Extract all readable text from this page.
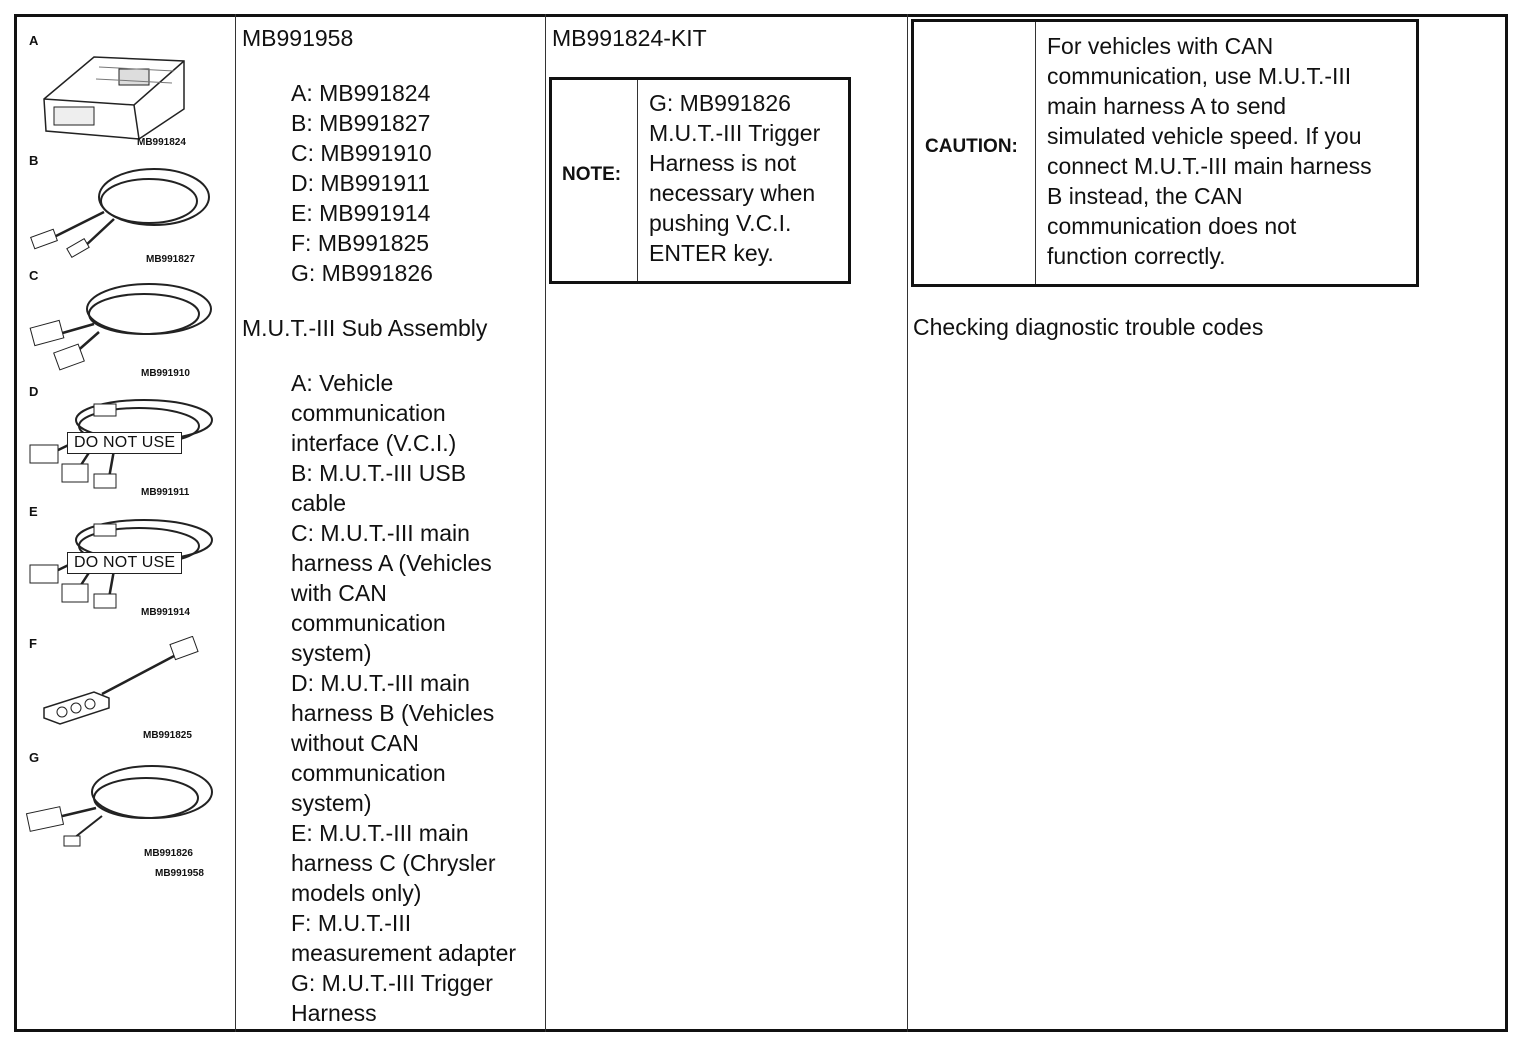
A
MB991824
B
MB991827
C
MB991910
D
DO NOT USE
MB991911
E
DO NOT USE
MB991914
F
MB991825
G
MB991826
MB991958
MB991958
A: MB991824
B: MB991827
C: MB991910
D: MB991911
E: MB991914
F: MB991825
G: MB991826
M.U.T.-III Sub Assembly
A: Vehicle
communication
interface (V.C.I.)
B: M.U.T.-III USB
cable
C: M.U.T.-III main
harness A (Vehicles
with CAN
communication
system)
D: M.U.T.-III main
harness B (Vehicles
without CAN
communication
system)
E: M.U.T.-III main
harness C (Chrysler
models only)
F: M.U.T.-III
measurement adapter
G: M.U.T.-III Trigger
Harness
MB991824-KIT
NOTE:
G: MB991826
M.U.T.-III Trigger
Harness is not
necessary when
pushing V.C.I.
ENTER key.
CAUTION:
For vehicles with CAN
communication, use M.U.T.-III
main harness A to send
simulated vehicle speed. If you
connect M.U.T.-III main harness
B instead, the CAN
communication does not
function correctly.
Checking diagnostic trouble codes
